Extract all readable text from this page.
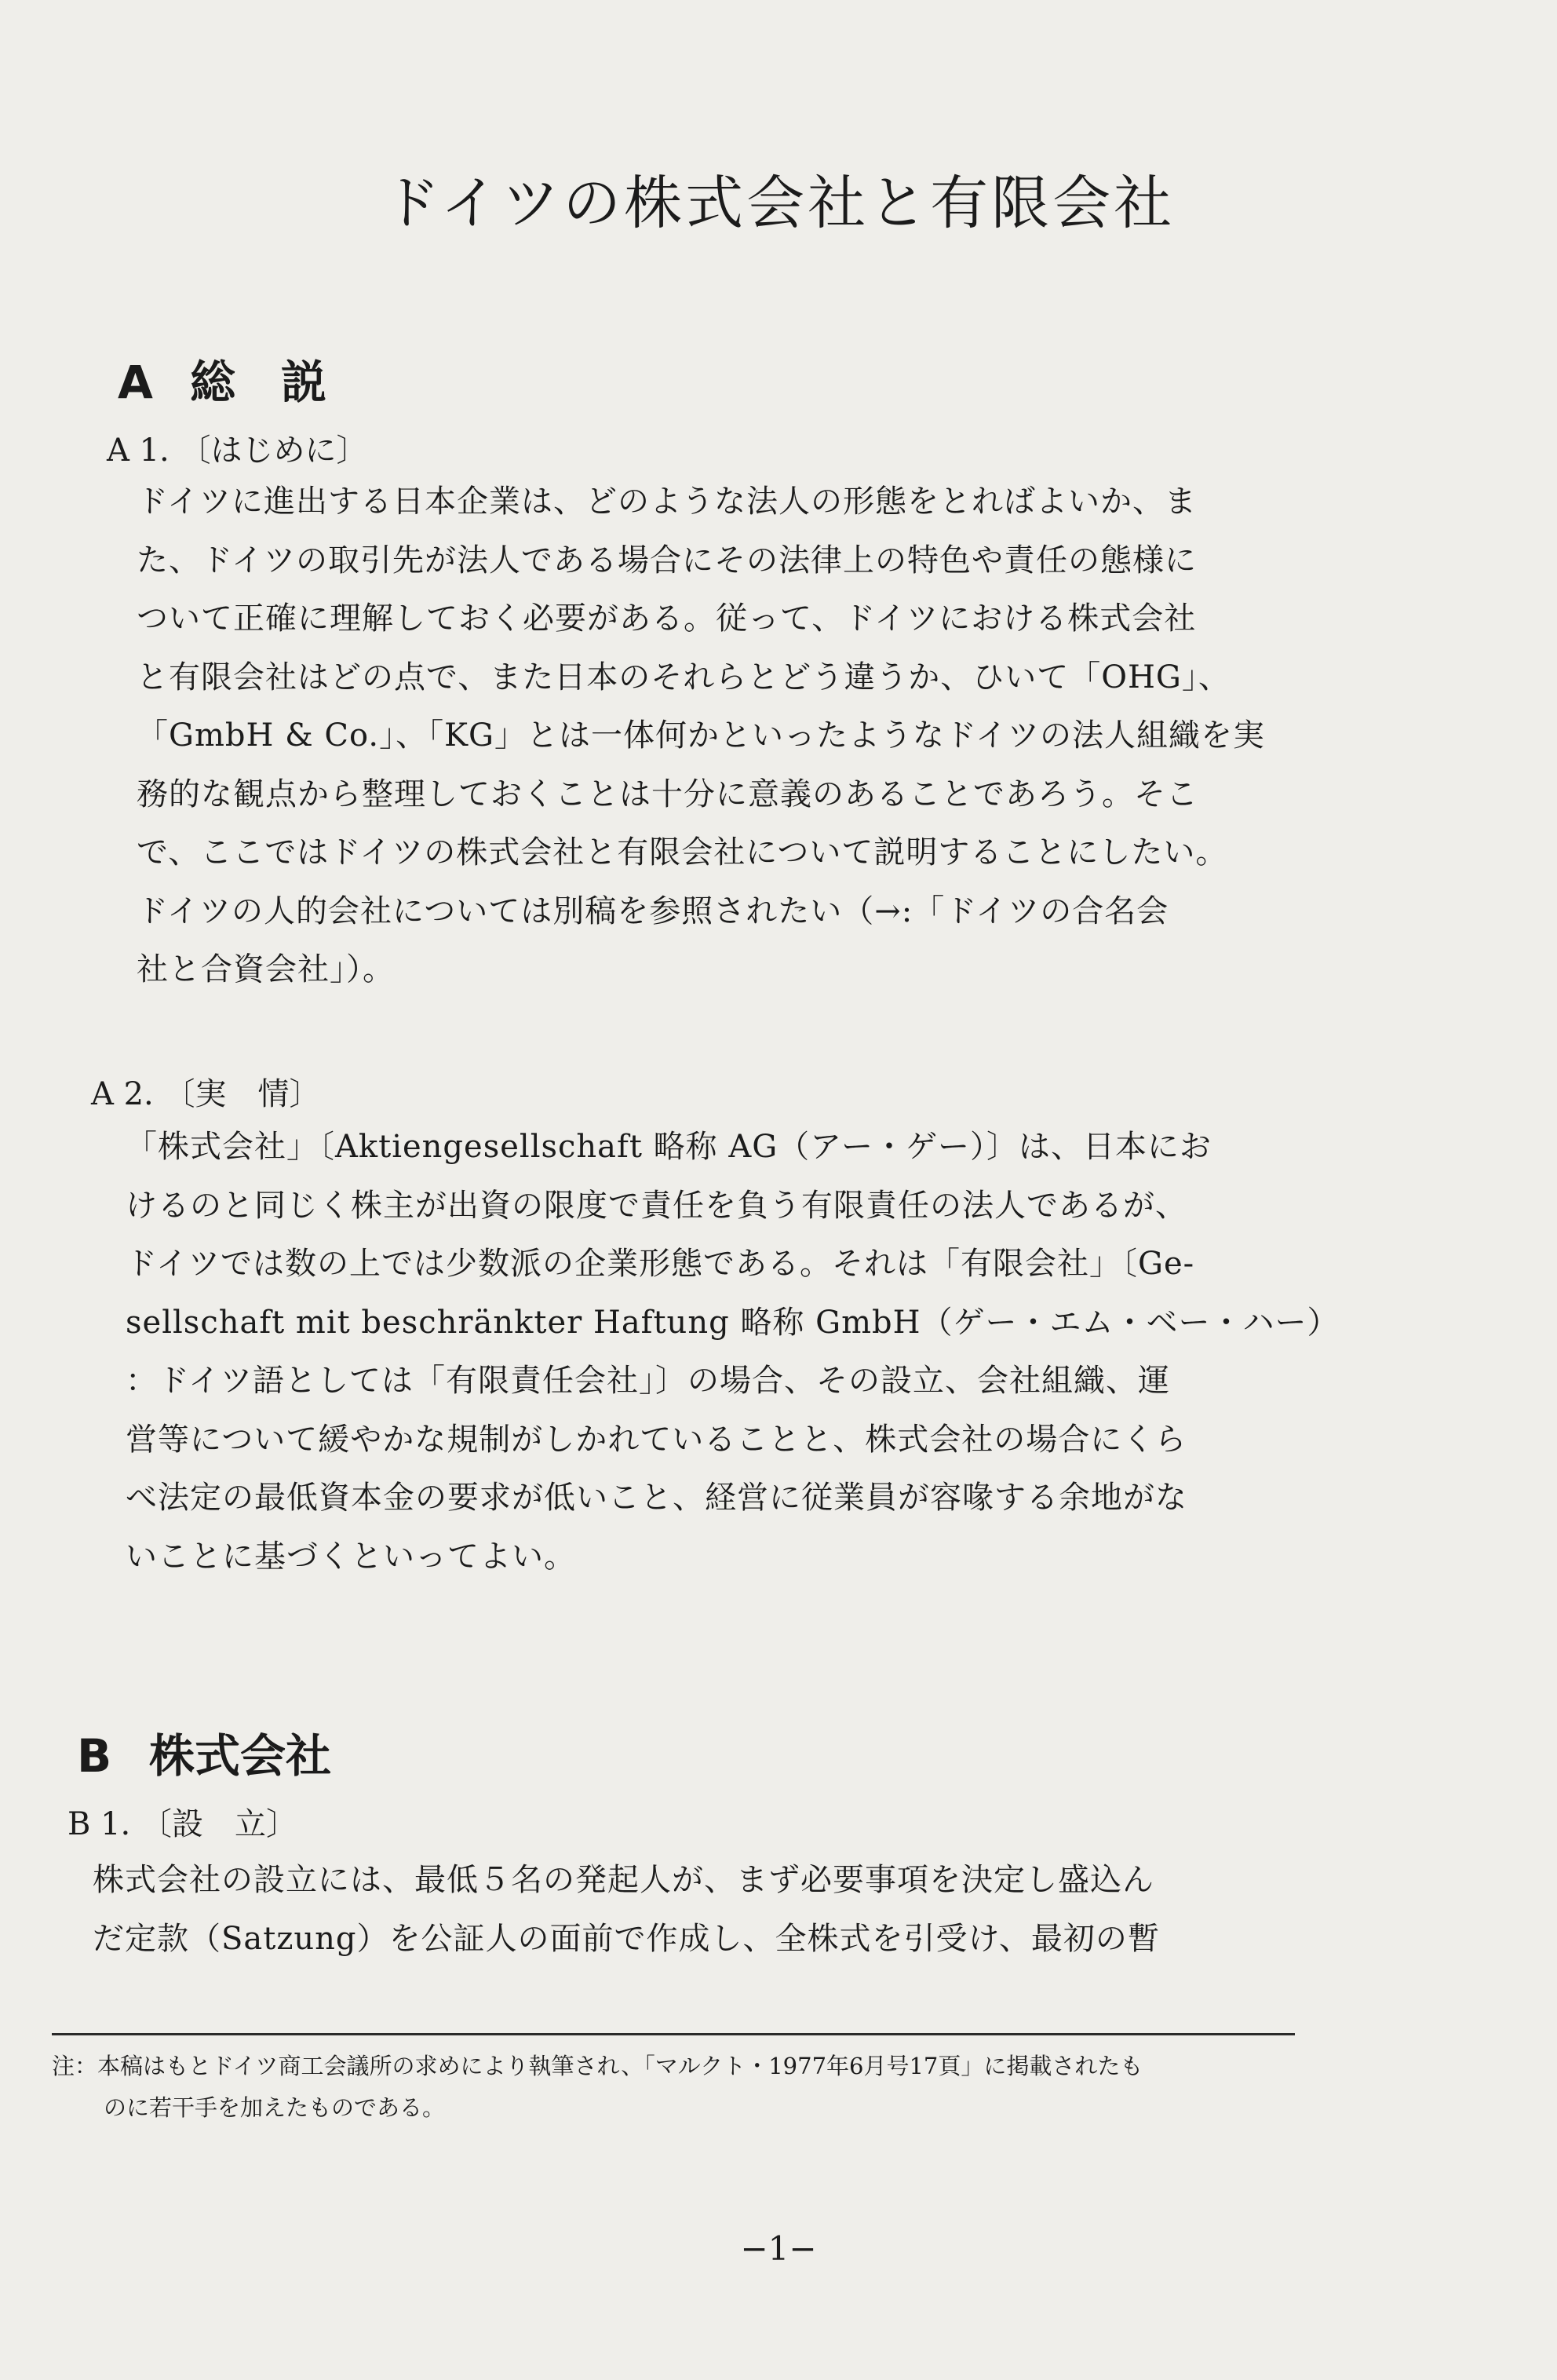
ドイツの株式会社と有限会社
A 総　説
A 1. 〔はじめに〕

ドイツに進出する日本企業は、どのような法人の形態をとればよいか、ま
た、ドイツの取引先が法人である場合にその法律上の特色や責任の態様に
ついて正確に理解しておく必要がある。従って、ドイツにおける株式会社
と有限会社はどの点で、また日本のそれらとどう違うか、ひいて「OHG」、
「GmbH & Co.」、「KG」とは一体何かといったようなドイツの法人組織を実
務的な観点から整理しておくことは十分に意義のあることであろう。そこ
で、ここではドイツの株式会社と有限会社について説明することにしたい。
ドイツの人的会社については別稿を参照されたい（→:「ドイツの合名会
社と合資会社」）。

A 2. 〔実　情〕

「株式会社」〔Aktiengesellschaft 略称 AG（アー・ゲー）〕は、日本にお
けるのと同じく株主が出資の限度で責任を負う有限責任の法人であるが、
ドイツでは数の上では少数派の企業形態である。それは「有限会社」〔Ge-
sellschaft mit beschränkter Haftung 略称 GmbH（ゲー・エム・ベー・ハー）
：ドイツ語としては「有限責任会社」〕の場合、その設立、会社組織、運
営等について緩やかな規制がしかれていることと、株式会社の場合にくら
べ法定の最低資本金の要求が低いこと、経営に従業員が容喙する余地がな
いことに基づくといってよい。

B 株式会社
B 1. 〔設　立〕

株式会社の設立には、最低５名の発起人が、まず必要事項を決定し盛込ん
だ定款（Satzung）を公証人の面前で作成し、全株式を引受け、最初の暫

注：本稿はもとドイツ商工会議所の求めにより執筆され、「マルクト・1977年6月号17頁」に掲載されたも
のに若干手を加えたものである。
−1−
